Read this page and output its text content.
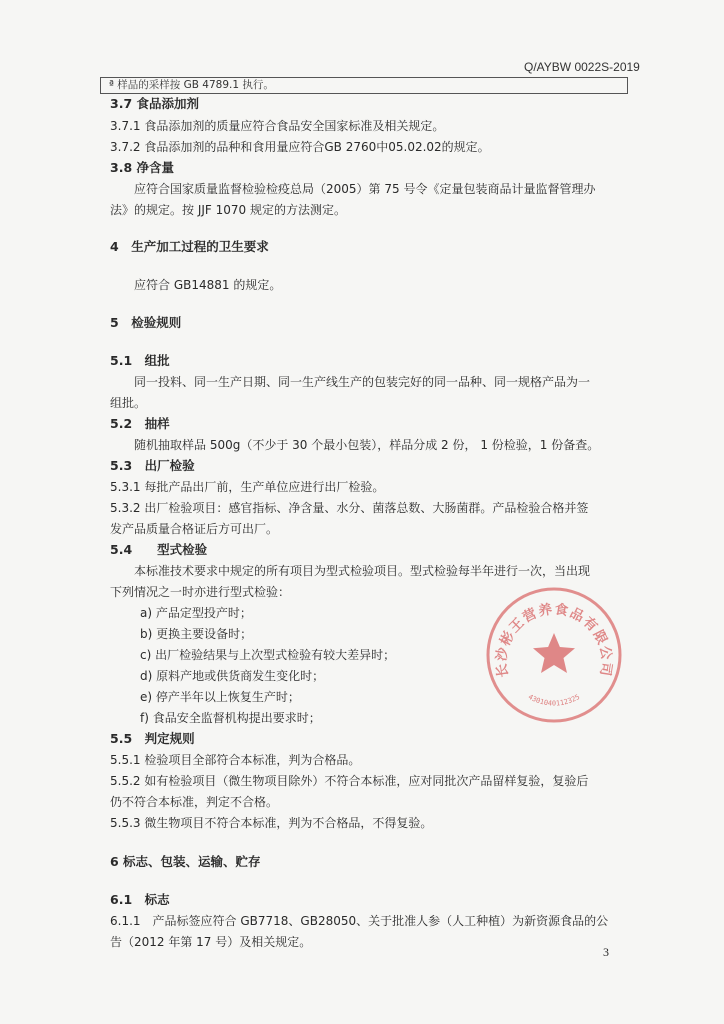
Q/AYBW 0022S-2019
ª 样品的采样按 GB 4789.1 执行。
3.7 食品添加剂
3.7.1 食品添加剂的质量应符合食品安全国家标准及相关规定。
3.7.2 食品添加剂的品种和食用量应符合GB 2760中05.02.02的规定。
3.8 净含量
应符合国家质量监督检验检疫总局（2005）第 75 号令《定量包装商品计量监督管理办
法》的规定。按 JJF 1070 规定的方法测定。
4　生产加工过程的卫生要求
应符合 GB14881 的规定。
5　检验规则
5.1　组批
同一投料、同一生产日期、同一生产线生产的包装完好的同一品种、同一规格产品为一
组批。
5.2　抽样
随机抽取样品 500g（不少于 30 个最小包装），样品分成 2 份， 1 份检验，1 份备查。
5.3　出厂检验
5.3.1 每批产品出厂前，生产单位应进行出厂检验。
5.3.2 出厂检验项目：感官指标、净含量、水分、菌落总数、大肠菌群。产品检验合格并签
发产品质量合格证后方可出厂。
5.4　　型式检验
本标准技术要求中规定的所有项目为型式检验项目。型式检验每半年进行一次，当出现
下列情况之一时亦进行型式检验：
a) 产品定型投产时；
b) 更换主要设备时；
c) 出厂检验结果与上次型式检验有较大差异时；
d) 原料产地或供货商发生变化时；
e) 停产半年以上恢复生产时；
f) 食品安全监督机构提出要求时；
5.5　判定规则
5.5.1 检验项目全部符合本标准，判为合格品。
5.5.2 如有检验项目（微生物项目除外）不符合本标准，应对同批次产品留样复验，复验后
仍不符合本标准，判定不合格。
5.5.3 微生物项目不符合本标准，判为不合格品，不得复验。
6 标志、包装、运输、贮存
6.1　标志
6.1.1　产品标签应符合 GB7718、GB28050、关于批准人参（人工种植）为新资源食品的公
告（2012 年第 17 号）及相关规定。
3
长沙彬王营养食品有限公司
4301040112325
